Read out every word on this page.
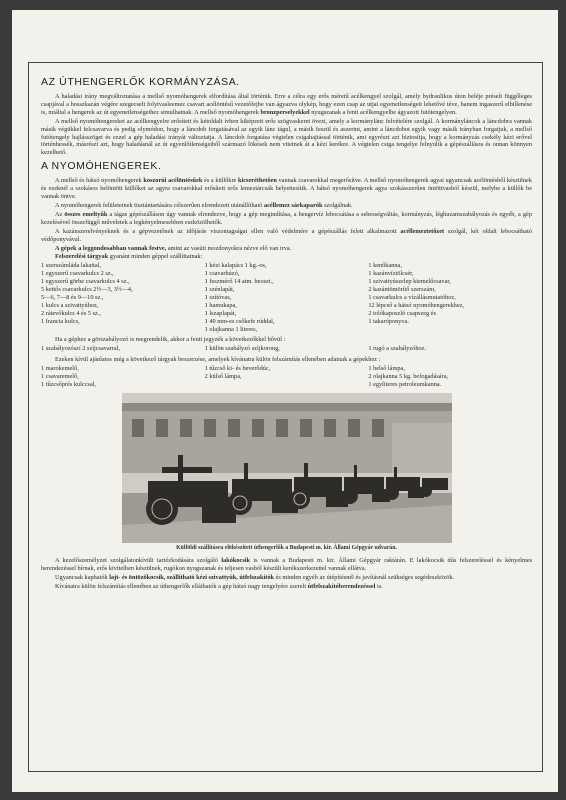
AZ ÚTHENGERLŐK KORMÁNYZÁSA.
A haladási irány megváltoztatása a mellső nyomóhengerek elfordítása által történik. Erre a célra egy erős méretű acélkengyel szolgál, amely hydraulikus úton beléje préselt függőleges csapjával a hosszkazán végére szegecselt folytvasleemez csavart acélöntésű vezetőfejbe van ágyazva olykép, hogy ezen csap az utjai egyenetlenségeit lehetővé téve, hanem ingaszerű elbillenése is, miáltal a hengerek az út egyenetlenségeihez simulhatnak. A mellső nyomóhengerek bronzperselyekkel nyugszanak a fenti acélkengyelbe ágyazott futótengelyen.
A mellső nyomóhengereket az acélkengyelre erősített és kétoldalt ívben kiképzett erős szögvaskeret övezi, amely a kormánylánc felvételére szolgál. A kormányláncok a láncdobra vannak másik végükkel felcsavarva és pedig olymódon, hogy a láncdob forgatásával az egyik lánc tágul, a másik feszül és aszerint, amint a láncdobot egyik vagy másik irányban forgatjuk, a mellső futótengely hajlásszöget és ezzel a gép haladási irányát változtatja. A láncdob forgatása végtelen csigahajtással történik, ami egyrészt azt biztosítja, hogy a kormányzás csekély kézi erővel történhessék, másrészt azt, hogy haladásnál az út egyenlőtlenségeiből származó lökések nem vitetnek át a kézi kerékre. A végtelen csiga tengelye felnyulik a gépészállásra és onnan könnyen kezelhető.
A NYOMÓHENGEREK.
A mellső és hátsó nyomóhengerek koszorúi acélöntésűek és a küllőkre kicseréthetően vannak csavarokkal megerősítve. A mellső nyomóhengerek agyai ugyancsak acélöntésből készülnek és ezeknél a szokásos belöntött küllőket az agyra csavarokkal erősített erős lemeztárcsák helyettesítik. A hátsó nyomóhengerek agya szokásszerűen öntöttvasból készül, melybe a küllők be vannak öntve.
A nyomóhengerek felületeinek tisztántartására célszerűen elrendezett utánállítható acéllemez sárkaparók szolgálnak.
Az összes emeltyűk a tágas gépészálláson úgy vannak elrendezve, hogy a gép megindítása, a hengervíz lebocsátása a sebességváltás, kormányzás, léghuzamszabályozás és egyéb, a gép kezelésével összefüggő műveletek a legkényelmesebben eszközölhetők.
A kazánszerelvényeknek és a gépvezetőnek az időjárás viszontagságai ellen való védelmére a gépészállás felett alkalmazott acéllemeztetőzet szolgál, két oldalt lebocsátható védőponyvával.
A gépek a leggondosabban vannak festve, amint az vasúti mozdonyokra nézve elő van irva.
Felszerelési tárgyak gyanánt minden géppel szállíttatnak:
1 szerszámláda lakattal,
1 egyszerű csavarkulcs 2 sz.,
1 egyszerű görbe csavarkulcs 4 sz.,
5 kettős csavarkulcs 2½—3, 3½—4,
5—6, 7—8 és 9—10 sz.,
1 kulcs a szivattyúhoz,
2 rátevőkulcs 4 és 5 sz.,
1 francia kulcs,
1 kézi kalapács 1 kg.-os,
1 csavarhúzó,
1 feszmérő 14 atm. beoszt.,
1 szénlapát,
1 szítóvas,
1 hamukapa,
1 lszaplapát,
1 40 mm-es csőkefe rúddal,
1 olajkanna 1 literes,
1 kenőkanna,
1 kazánvíztölcsér,
1 szivattyúszelep kiemelőcsavar,
2 kazántömörítő szerszám,
1 csavarkulcs a vízállásmutatóhoz,
12 lépcső a hátsó nyomóhengerekhez,
2 tolókaposzló csapszeg és
1 takaróponyva.
Ha a géphez a görszabályozó is megrendelik, akkor a fenti jegyzék a következőkkel bővül :
1 szabályozószí 2 szíjcsavarral,	1 külön szabályzó szíjkorong,	1 rugó a szabályzóhoz.
Ezeken kívül ajánlatos még a következő tárgyak beszerzése, amelyek kívánatra külön felszámítás ellenében adatnak a gépekhez :
1 marokemelő,
1 csavaremelő,
1 tűzcsőprés kulccsal,
1 tűzcső ki- és beverődúc,
2 külső lámpa,
1 belső lámpa,
2 olajkanna 5 kg. befogadására,
1 egyliteres petroleumkanna.
Külföldi szállításra elökészített úthengerlők a Budapesti m. kir. Állami Gépgyár udvarán.
A kezelőszemélyzet szolgálatonkívüli tartózkodására szolgáló lakókocsik is vannak a Budapesti m. kir. Állami Gépgyár raktárán. E lakókocsik dús felszereléssel és kényelmes berendezéssel bírnak, erős kivitelben készülnek, rugókon nyugszanak és teljesen vasból készült kerékszerkezettel vannak ellátva.
Ugyancsak kaphatók lajt- és öntözőkocsik, szállítható kézi szivattyúk, útfelszakítók és minden egyéb az útépítésnél és javításnál szükséges segédeszközök.
Kívánatra külön felszámítás ellenében az úthengerlők elláthatók a gép hátsó nagy tengelyére szerelt útfelszakítóberendezéssel is.
